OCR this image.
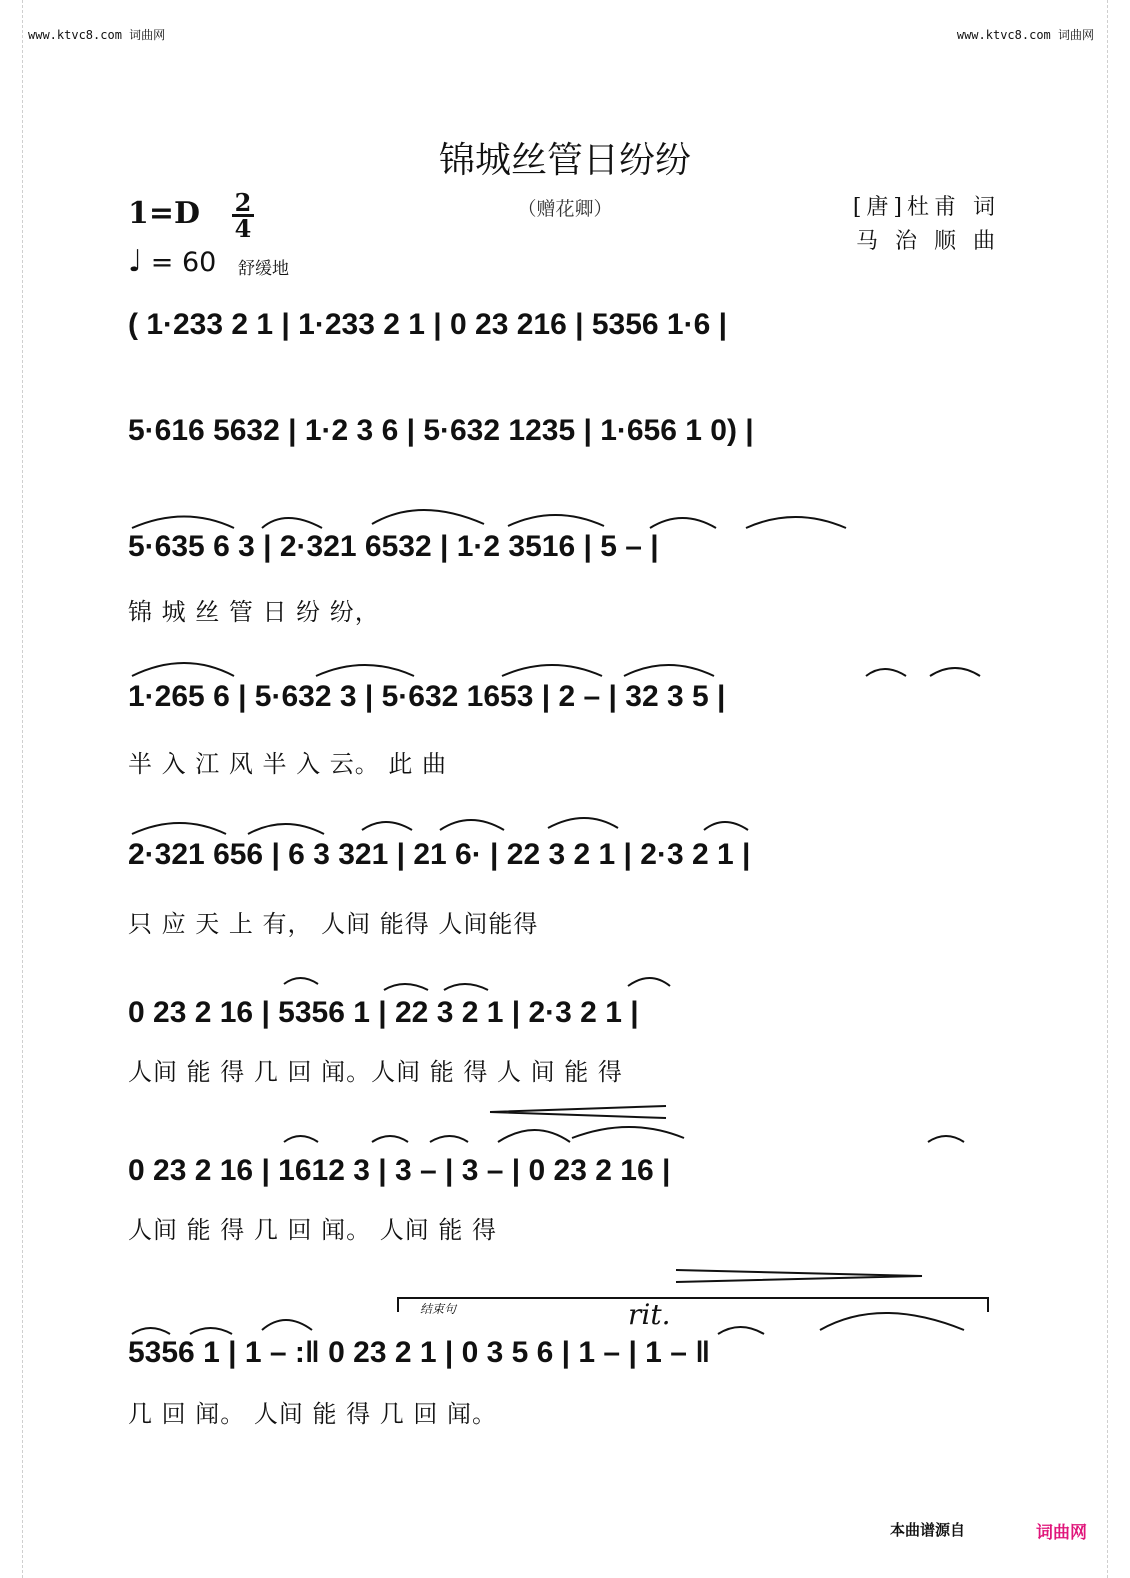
www.ktvc8.com 词曲网	www.ktvc8.com 词曲网
锦城丝管日纷纷
（赠花卿）
1=D 2
4
♩ = 60 舒缓地
[唐]杜甫 词
马 治 顺 曲
( 1·233 2 1 | 1·233 2 1 | 0 23 216 | 5356 1·6 |
5·616 5632 | 1·2 3 6 | 5·632 1235 | 1·656 1 0) |
5·635 6 3 | 2·321 6532 | 1·2 3516 | 5 – |
锦 城 丝 管 日 纷 纷，
1·265 6 | 5·632 3 | 5·632 1653 | 2 – | 32 3 5 |
半 入 江 风 半 入 云。 此 曲
2·321 656 | 6 3 321 | 21 6· | 22 3 2 1 | 2·3 2 1 |
只 应 天 上 有， 人间 能得 人间能得
0 23 2 16 | 5356 1 | 22 3 2 1 | 2·3 2 1 |
人间 能 得 几 回 闻。人间 能 得 人 间 能 得
0 23 2 16 | 1612 3 | 3 – | 3 – | 0 23 2 16 |
人间 能 得 几 回 闻。 人间 能 得
5356 1 | 1 – :‖ 0 23 2 1 | 0 3 5 6 | 1 – | 1 – ‖
几 回 闻。 人间 能 得 几 回 闻。
结束句	rit.
本曲谱源自	词曲网
